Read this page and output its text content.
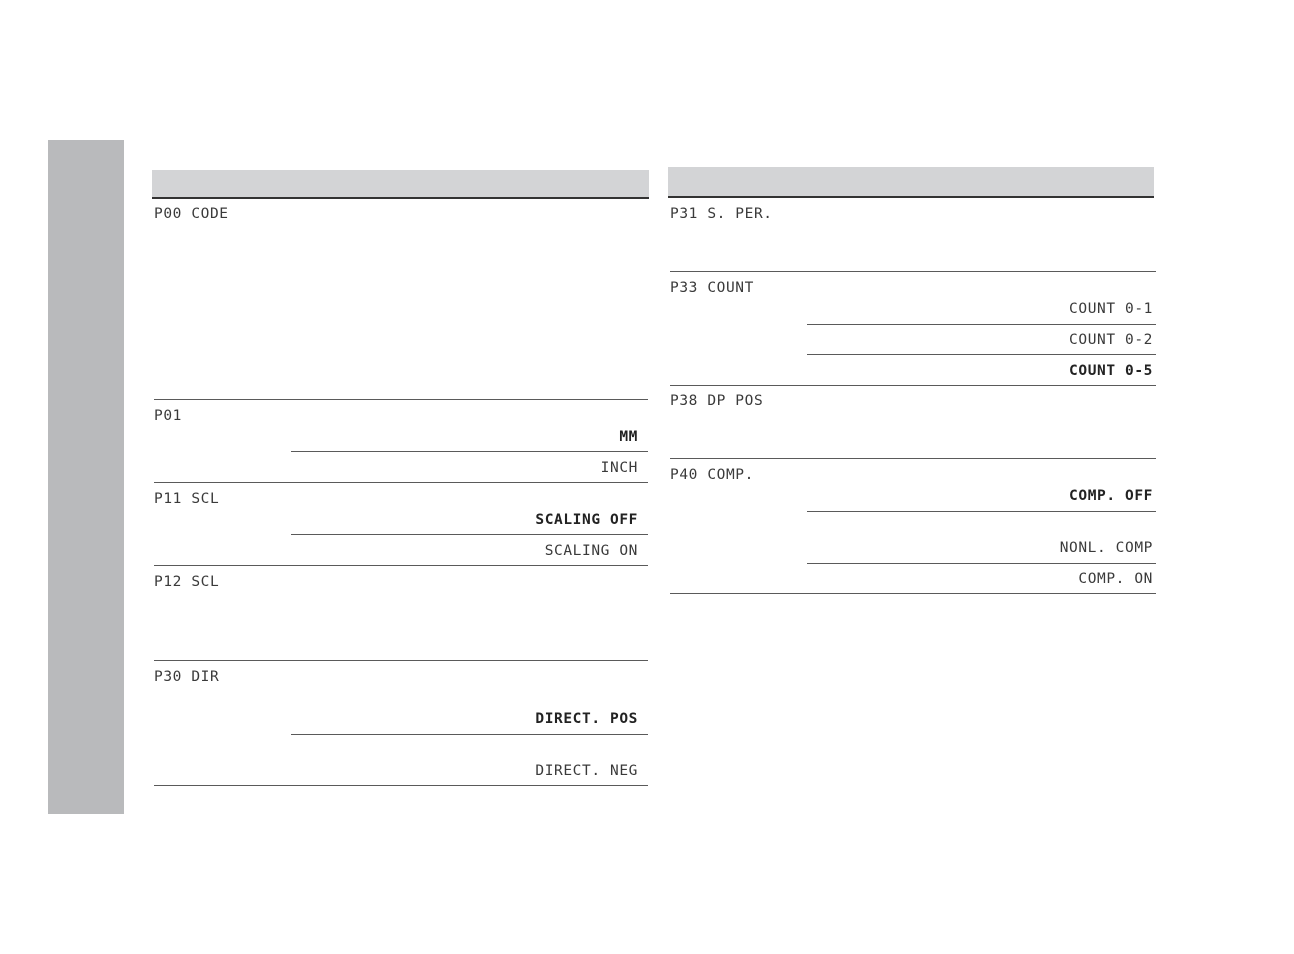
P00 CODE
P01
MM
INCH
P11 SCL
SCALING OFF
SCALING ON
P12 SCL
P30 DIR
DIRECT. POS
DIRECT. NEG
P31 S. PER.
P33 COUNT
COUNT 0-1
COUNT 0-2
COUNT 0-5
P38 DP POS
P40 COMP.
COMP. OFF
NONL. COMP
COMP. ON
